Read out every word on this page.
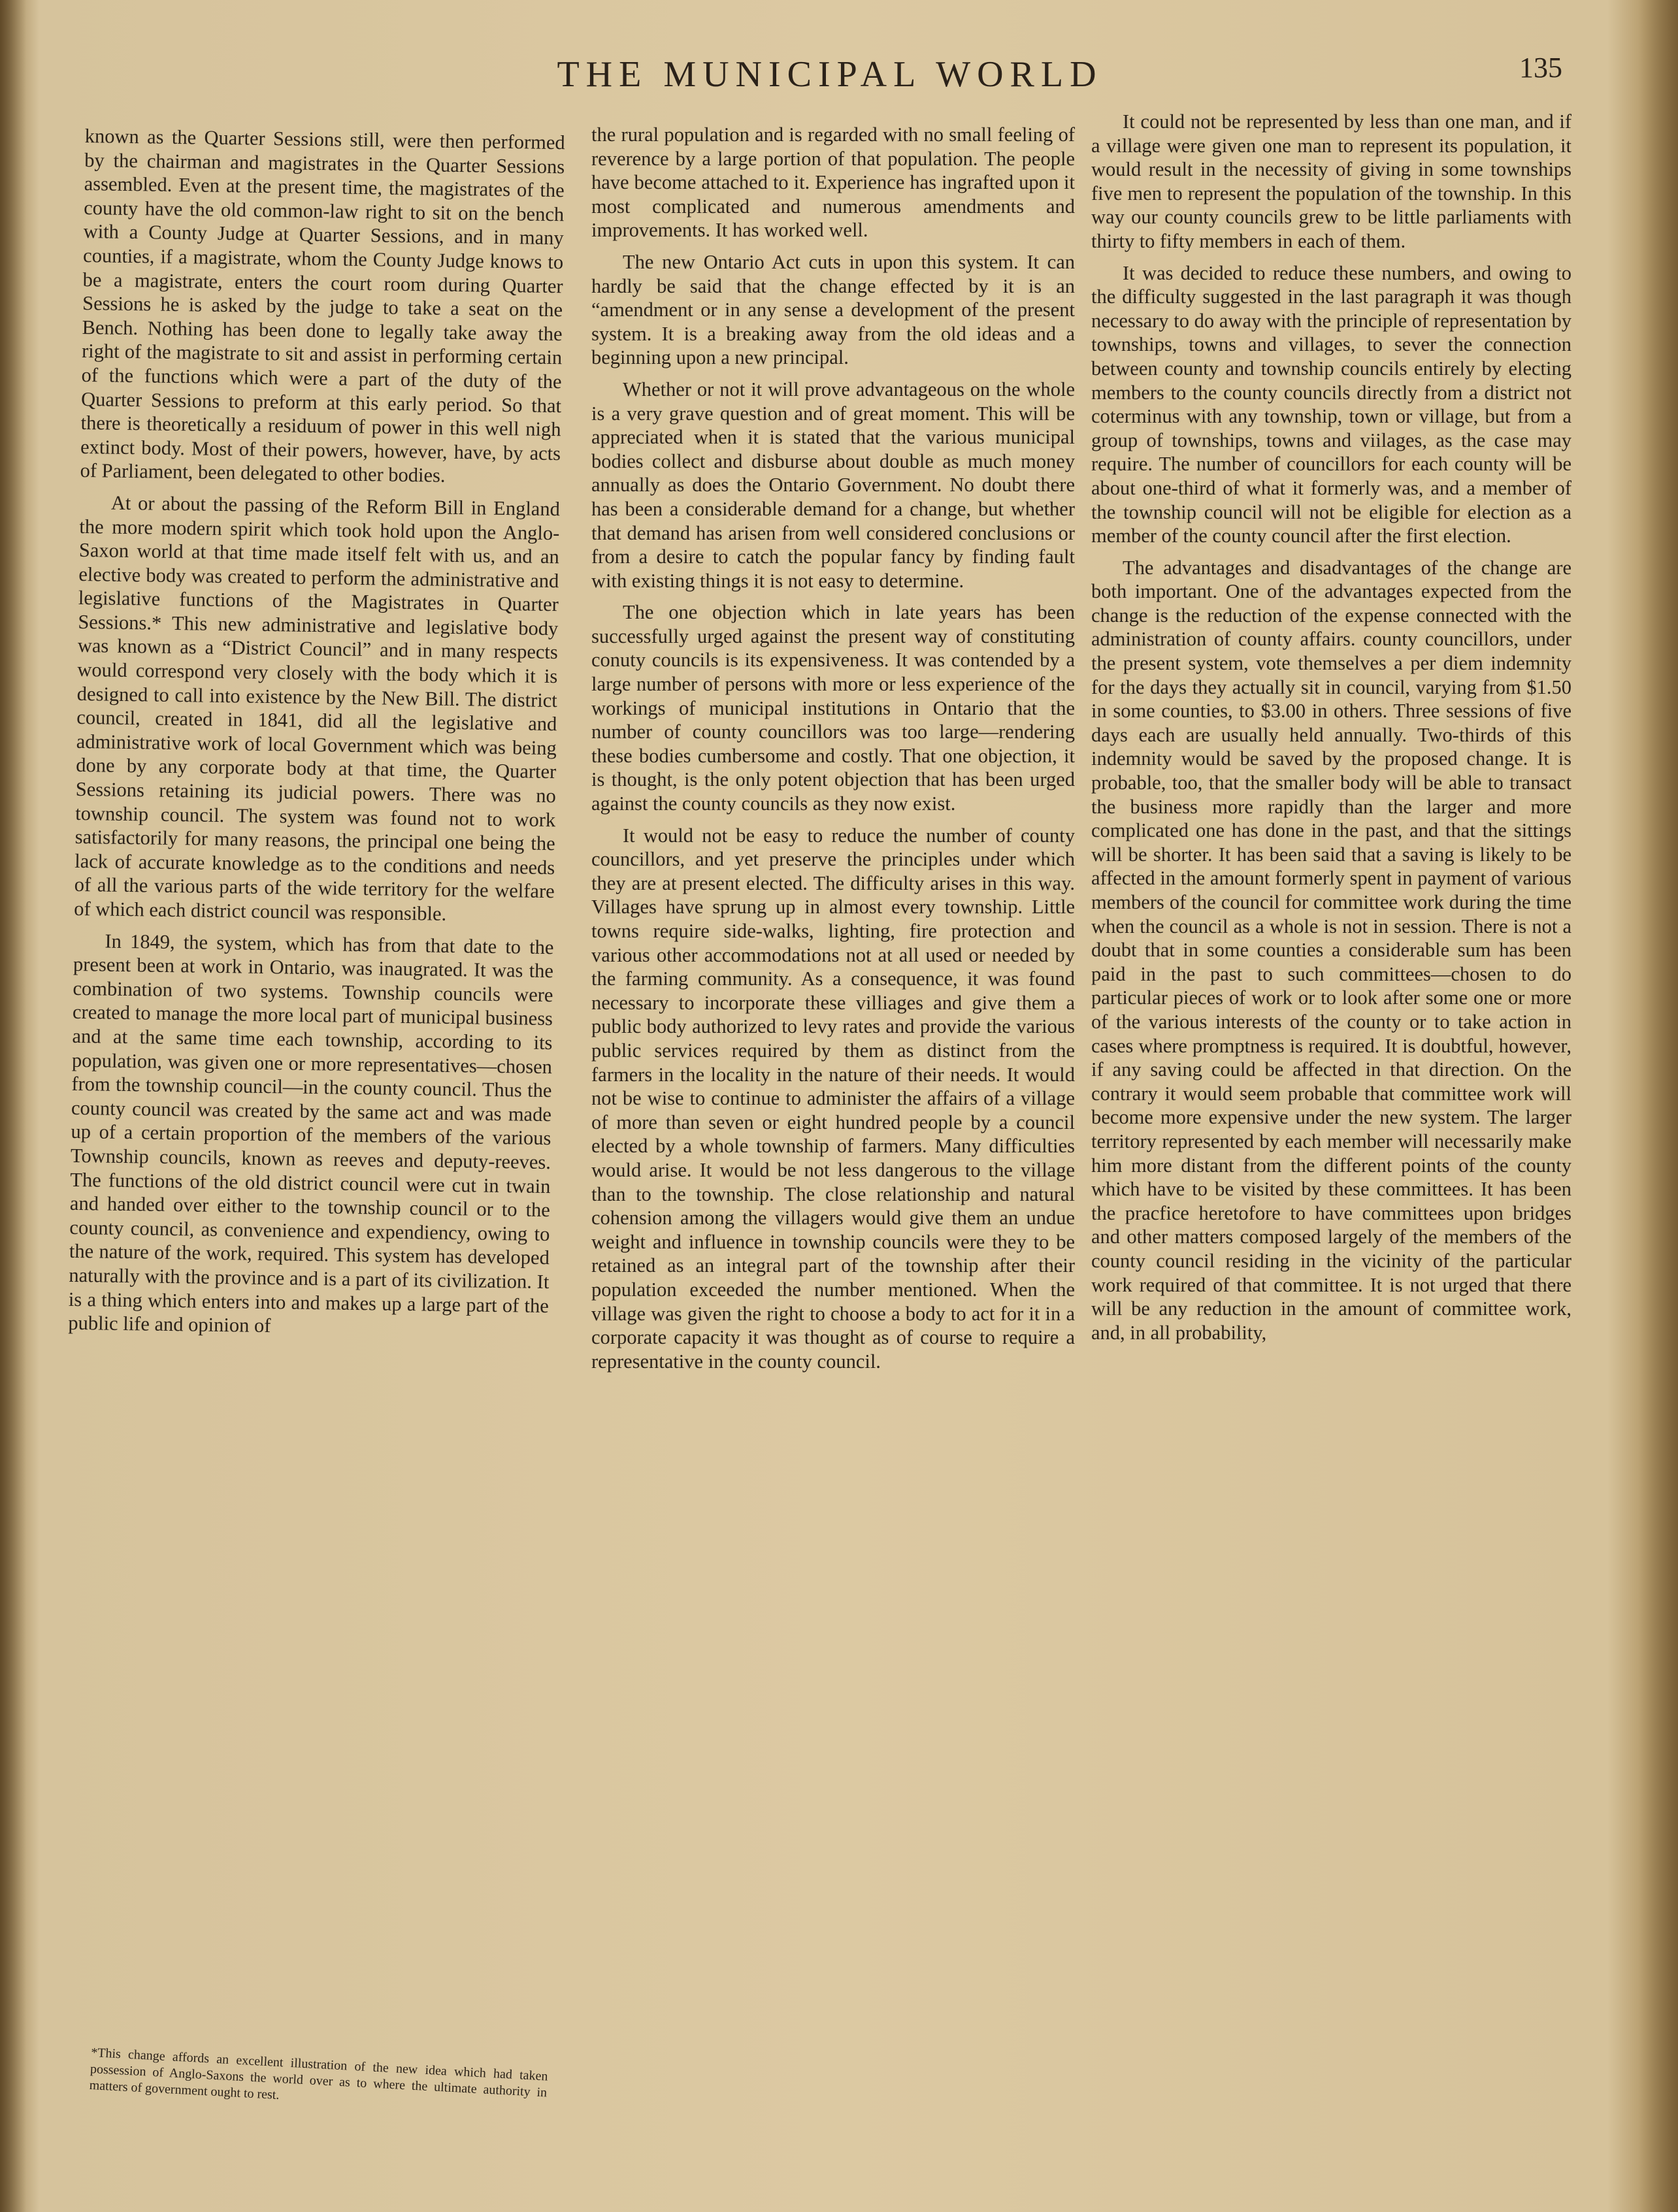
THE MUNICIPAL WORLD	135

known as the Quarter Sessions still, were then performed by the chairman and magistrates in the Quarter Sessions assembled. Even at the present time, the magistrates of the county have the old common-law right to sit on the bench with a County Judge at Quarter Sessions, and in many counties, if a magistrate, whom the County Judge knows to be a magistrate, enters the court room during Quarter Sessions he is asked by the judge to take a seat on the Bench. Nothing has been done to legally take away the right of the magistrate to sit and assist in performing certain of the functions which were a part of the duty of the Quarter Sessions to preform at this early period. So that there is theoretically a residuum of power in this well nigh extinct body. Most of their powers, however, have, by acts of Parliament, been delegated to other bodies.

At or about the passing of the Reform Bill in England the more modern spirit which took hold upon the Anglo-Saxon world at that time made itself felt with us, and an elective body was created to perform the administrative and legislative functions of the Magistrates in Quarter Sessions.* This new administrative and legislative body was known as a “District Council” and in many respects would correspond very closely with the body which it is designed to call into existence by the New Bill. The district council, created in 1841, did all the legislative and administrative work of local Government which was being done by any corporate body at that time, the Quarter Sessions retaining its judicial powers. There was no township council. The system was found not to work satisfactorily for many reasons, the principal one being the lack of accurate knowledge as to the conditions and needs of all the various parts of the wide territory for the welfare of which each district council was responsible.

In 1849, the system, which has from that date to the present been at work in Ontario, was inaugrated. It was the combination of two systems. Township councils were created to manage the more local part of municipal business and at the same time each township, according to its population, was given one or more representatives—chosen from the township council—in the county council. Thus the county council was created by the same act and was made up of a certain proportion of the members of the various Township councils, known as reeves and deputy-reeves. The functions of the old district council were cut in twain and handed over either to the township council or to the county council, as convenience and expendiency, owing to the nature of the work, required. This system has developed naturally with the province and is a part of its civilization. It is a thing which enters into and makes up a large part of the public life and opinion of

the rural population and is regarded with no small feeling of reverence by a large portion of that population. The people have become attached to it. Experience has ingrafted upon it most complicated and numerous amendments and improvements. It has worked well.

The new Ontario Act cuts in upon this system. It can hardly be said that the change effected by it is an “amendment or in any sense a development of the present system. It is a breaking away from the old ideas and a beginning upon a new principal.

Whether or not it will prove advantageous on the whole is a very grave question and of great moment. This will be appreciated when it is stated that the various municipal bodies collect and disburse about double as much money annually as does the Ontario Government. No doubt there has been a considerable demand for a change, but whether that demand has arisen from well considered conclusions or from a desire to catch the popular fancy by finding fault with existing things it is not easy to determine.

The one objection which in late years has been successfully urged against the present way of constituting conuty councils is its expensiveness. It was contended by a large number of persons with more or less experience of the workings of municipal institutions in Ontario that the number of county councillors was too large—rendering these bodies cumbersome and costly. That one objection, it is thought, is the only potent objection that has been urged against the county councils as they now exist.

It would not be easy to reduce the number of county councillors, and yet preserve the principles under which they are at present elected. The difficulty arises in this way. Villages have sprung up in almost every township. Little towns require side-walks, lighting, fire protection and various other accommodations not at all used or needed by the farming community. As a consequence, it was found necessary to incorporate these villiages and give them a public body authorized to levy rates and provide the various public services required by them as distinct from the farmers in the locality in the nature of their needs. It would not be wise to continue to administer the affairs of a village of more than seven or eight hundred people by a council elected by a whole township of farmers. Many difficulties would arise. It would be not less dangerous to the village than to the township. The close relationship and natural cohension among the villagers would give them an undue weight and influence in township councils were they to be retained as an integral part of the township after their population exceeded the number mentioned. When the village was given the right to choose a body to act for it in a corporate capacity it was thought as of course to require a representative in the county council.

It could not be represented by less than one man, and if a village were given one man to represent its population, it would result in the necessity of giving in some townships five men to represent the population of the township. In this way our county councils grew to be little parliaments with thirty to fifty members in each of them.

It was decided to reduce these numbers, and owing to the difficulty suggested in the last paragraph it was though necessary to do away with the principle of representation by townships, towns and villages, to sever the connection between county and township councils entirely by electing members to the county councils directly from a district not coterminus with any township, town or village, but from a group of townships, towns and viilages, as the case may require. The number of councillors for each county will be about one-third of what it formerly was, and a member of the township council will not be eligible for election as a member of the county council after the first election.

The advantages and disadvantages of the change are both important. One of the advantages expected from the change is the reduction of the expense connected with the administration of county affairs. county councillors, under the present system, vote themselves a per diem indemnity for the days they actually sit in council, varying from $1.50 in some counties, to $3.00 in others. Three sessions of five days each are usually held annually. Two-thirds of this indemnity would be saved by the proposed change. It is probable, too, that the smaller body will be able to transact the business more rapidly than the larger and more complicated one has done in the past, and that the sittings will be shorter. It has been said that a saving is likely to be affected in the amount formerly spent in payment of various members of the council for committee work during the time when the council as a whole is not in session. There is not a doubt that in some counties a considerable sum has been paid in the past to such committees—chosen to do particular pieces of work or to look after some one or more of the various interests of the county or to take action in cases where promptness is required. It is doubtful, however, if any saving could be affected in that direction. On the contrary it would seem probable that committee work will become more expensive under the new system. The larger territory represented by each member will necessarily make him more distant from the different points of the county which have to be visited by these committees. It has been the pracfice heretofore to have committees upon bridges and other matters composed largely of the members of the county council residing in the vicinity of the particular work required of that committee. It is not urged that there will be any reduction in the amount of committee work, and, in all probability,

*This change affords an excellent illustration of the new idea which had taken possession of Anglo-Saxons the world over as to where the ultimate authority in matters of government ought to rest.
